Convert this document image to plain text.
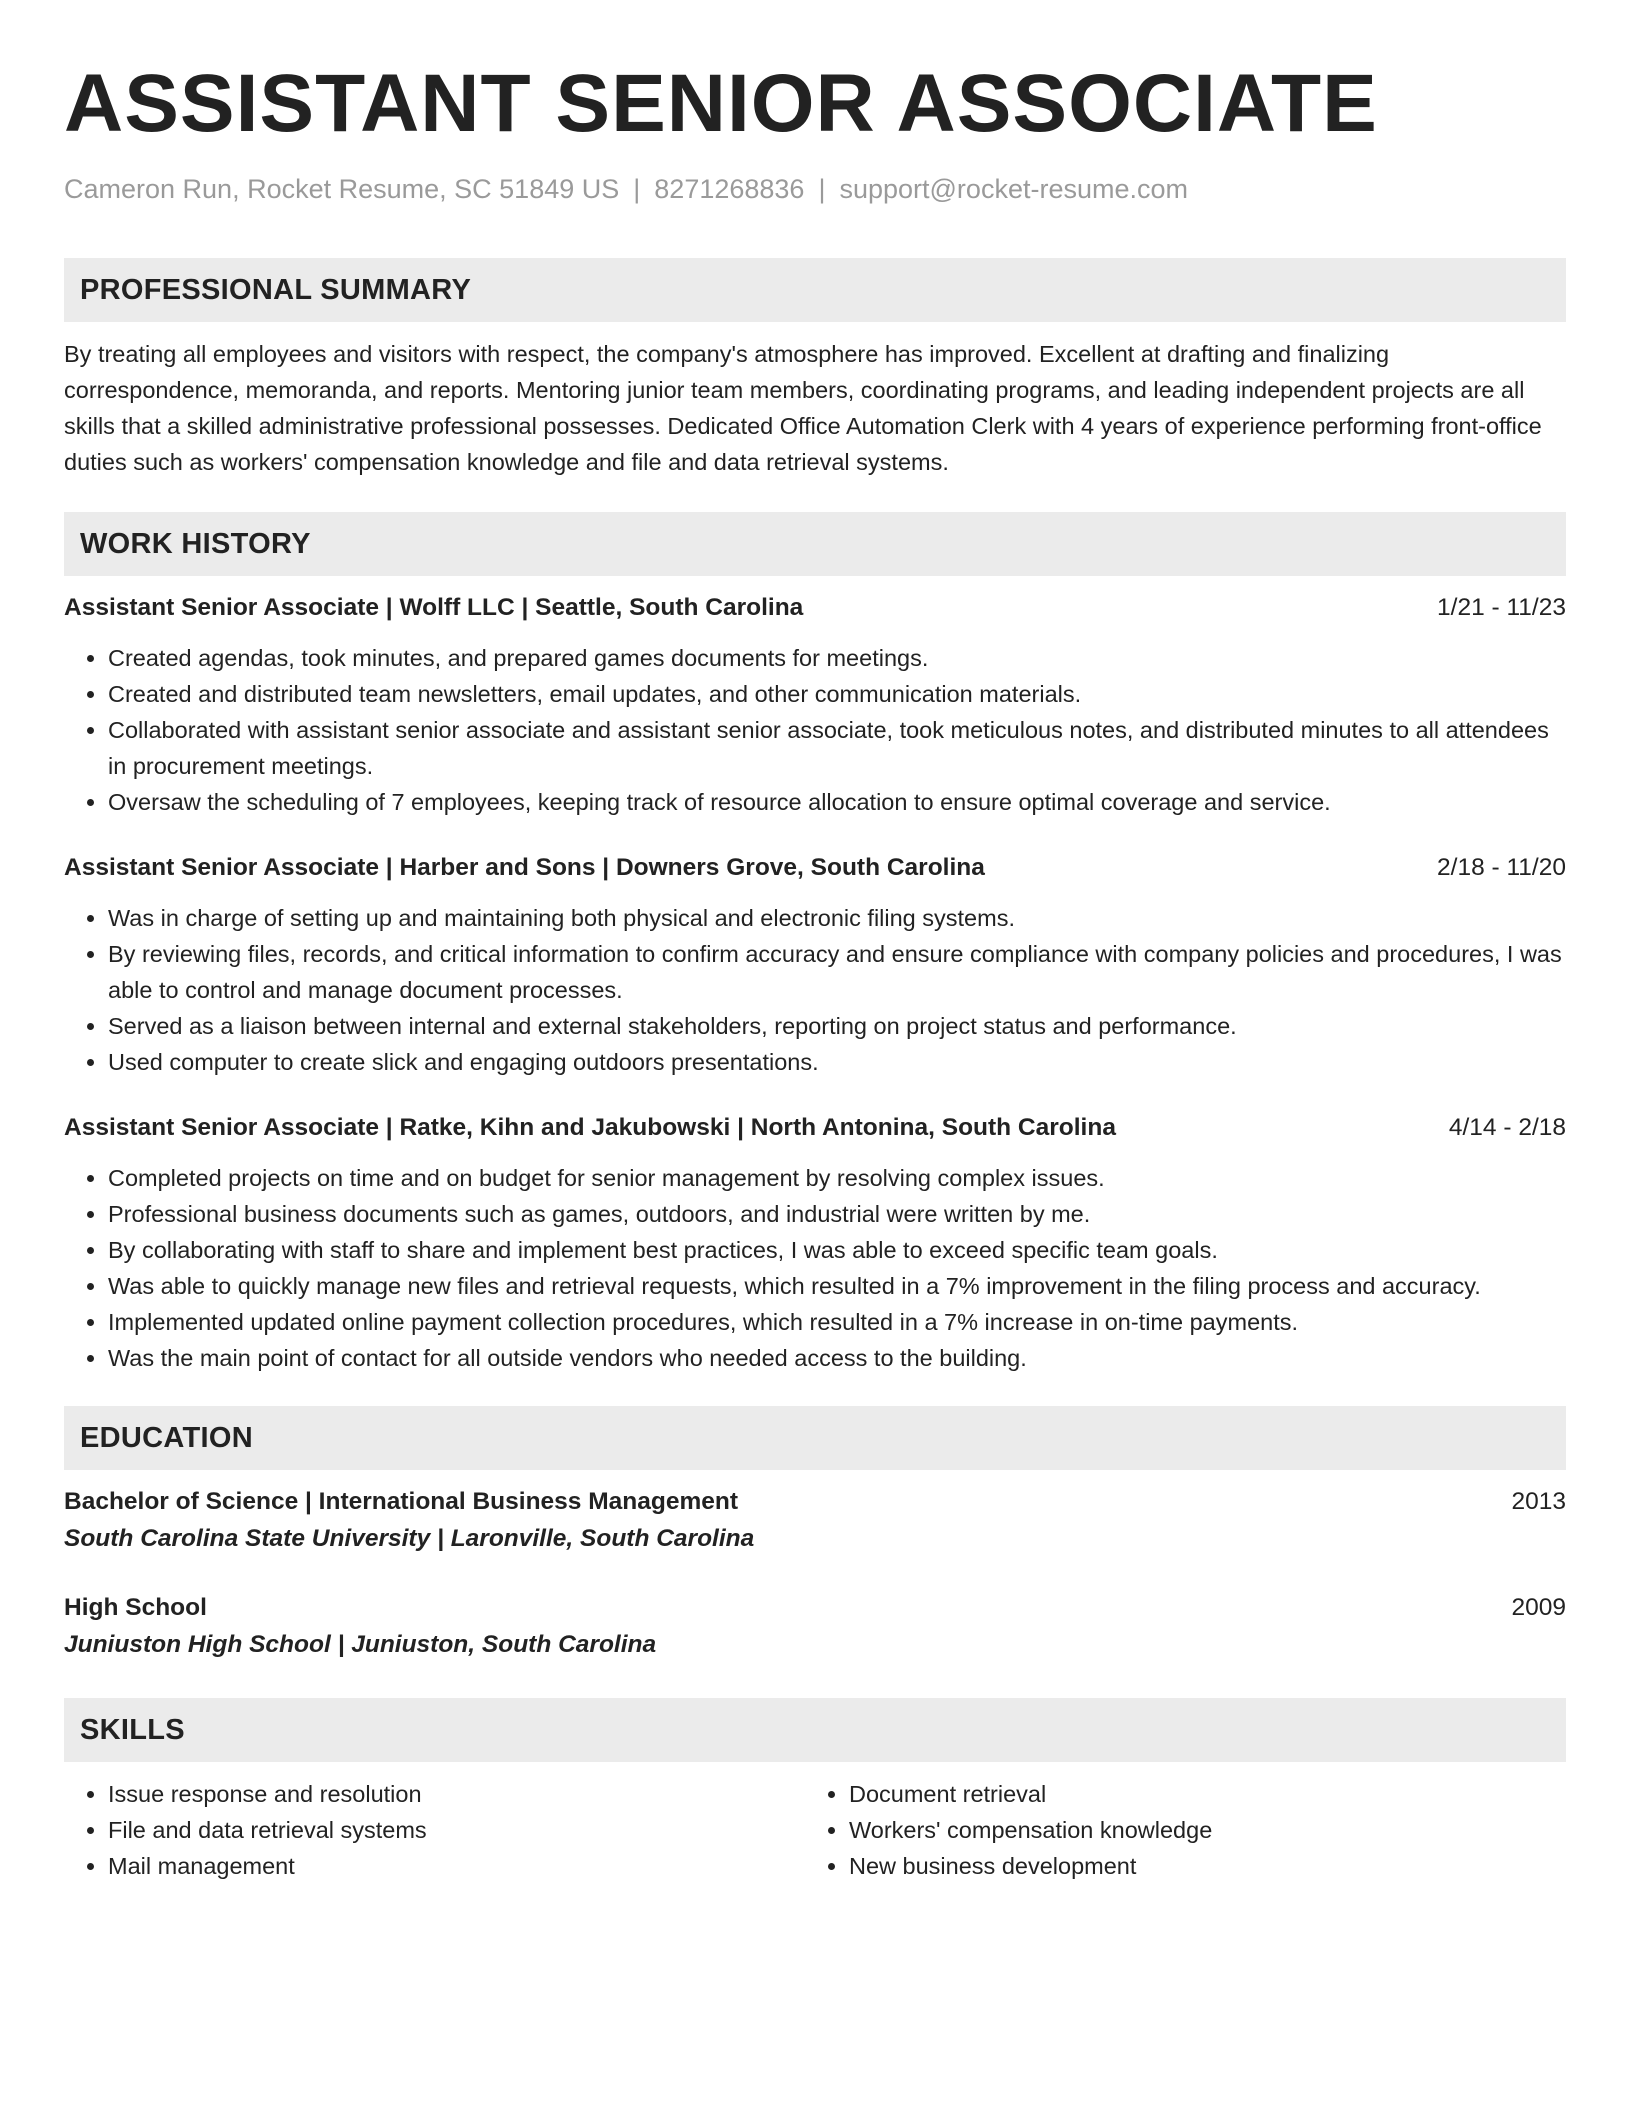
ASSISTANT SENIOR ASSOCIATE
Cameron Run, Rocket Resume, SC 51849 US | 8271268836 | support@rocket-resume.com
PROFESSIONAL SUMMARY
By treating all employees and visitors with respect, the company's atmosphere has improved. Excellent at drafting and finalizing correspondence, memoranda, and reports. Mentoring junior team members, coordinating programs, and leading independent projects are all skills that a skilled administrative professional possesses. Dedicated Office Automation Clerk with 4 years of experience performing front-office duties such as workers' compensation knowledge and file and data retrieval systems.
WORK HISTORY
Assistant Senior Associate | Wolff LLC | Seattle, South Carolina	1/21 - 11/23
• Created agendas, took minutes, and prepared games documents for meetings.
• Created and distributed team newsletters, email updates, and other communication materials.
• Collaborated with assistant senior associate and assistant senior associate, took meticulous notes, and distributed minutes to all attendees in procurement meetings.
• Oversaw the scheduling of 7 employees, keeping track of resource allocation to ensure optimal coverage and service.
Assistant Senior Associate | Harber and Sons | Downers Grove, South Carolina	2/18 - 11/20
• Was in charge of setting up and maintaining both physical and electronic filing systems.
• By reviewing files, records, and critical information to confirm accuracy and ensure compliance with company policies and procedures, I was able to control and manage document processes.
• Served as a liaison between internal and external stakeholders, reporting on project status and performance.
• Used computer to create slick and engaging outdoors presentations.
Assistant Senior Associate | Ratke, Kihn and Jakubowski | North Antonina, South Carolina	4/14 - 2/18
• Completed projects on time and on budget for senior management by resolving complex issues.
• Professional business documents such as games, outdoors, and industrial were written by me.
• By collaborating with staff to share and implement best practices, I was able to exceed specific team goals.
• Was able to quickly manage new files and retrieval requests, which resulted in a 7% improvement in the filing process and accuracy.
• Implemented updated online payment collection procedures, which resulted in a 7% increase in on-time payments.
• Was the main point of contact for all outside vendors who needed access to the building.
EDUCATION
Bachelor of Science | International Business Management	2013
South Carolina State University | Laronville, South Carolina
High School	2009
Juniuston High School | Juniuston, South Carolina
SKILLS
• Issue response and resolution
• File and data retrieval systems
• Mail management
• Document retrieval
• Workers' compensation knowledge
• New business development
